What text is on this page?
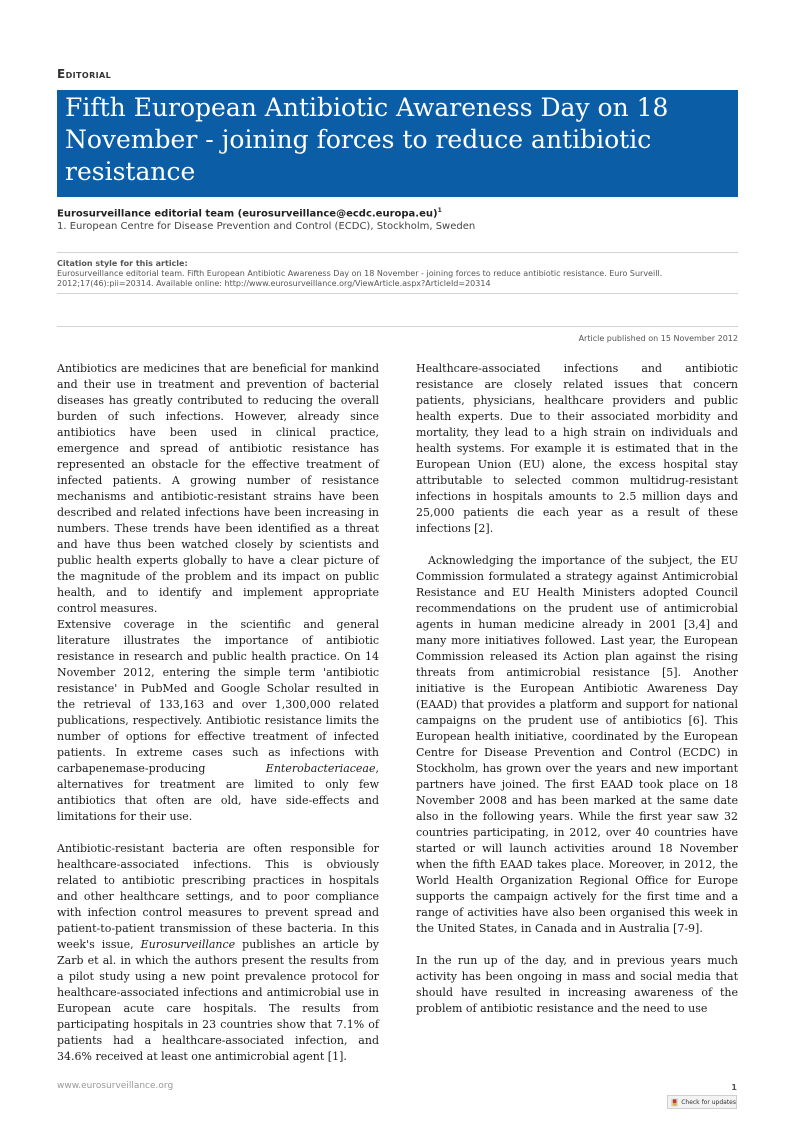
Editorial
Fifth European Antibiotic Awareness Day on 18 November - joining forces to reduce antibiotic resistance
Eurosurveillance editorial team (eurosurveillance@ecdc.europa.eu)$^1$
1. European Centre for Disease Prevention and Control (ECDC), Stockholm, Sweden
Citation style for this article:
Eurosurveillance editorial team. Fifth European Antibiotic Awareness Day on 18 November - joining forces to reduce antibiotic resistance. Euro Surveill. 2012;17(46):pii=20314. Available online: http://www.eurosurveillance.org/ViewArticle.aspx?ArticleId=20314
Article published on 15 November 2012

Antibiotics are medicines that are beneficial for mankind and their use in treatment and prevention of bacterial diseases has greatly contributed to reducing the overall burden of such infections. However, already since antibiotics have been used in clinical practice, emergence and spread of antibiotic resistance has represented an obstacle for the effective treatment of infected patients. A growing number of resistance mechanisms and antibiotic-resistant strains have been described and related infections have been increasing in numbers. These trends have been identified as a threat and have thus been watched closely by scientists and public health experts globally to have a clear picture of the magnitude of the problem and its impact on public health, and to identify and implement appropriate control measures.

Extensive coverage in the scientific and general literature illustrates the importance of antibiotic resistance in research and public health practice. On 14 November 2012, entering the simple term 'antibiotic resistance' in PubMed and Google Scholar resulted in the retrieval of 133,163 and over 1,300,000 related publications, respectively. Antibiotic resistance limits the number of options for effective treatment of infected patients. In extreme cases such as infections with carbapenemase-producing Enterobacteriaceae, alternatives for treatment are limited to only few antibiotics that often are old, have side-effects and limitations for their use.

Antibiotic-resistant bacteria are often responsible for healthcare-associated infections. This is obviously related to antibiotic prescribing practices in hospitals and other healthcare settings, and to poor compliance with infection control measures to prevent spread and patient-to-patient transmission of these bacteria. In this week's issue, Eurosurveillance publishes an article by Zarb et al. in which the authors present the results from a pilot study using a new point prevalence protocol for healthcare-associated infections and antimicrobial use in European acute care hospitals. The results from participating hospitals in 23 countries show that 7.1% of patients had a healthcare-associated infection, and 34.6% received at least one antimicrobial agent [1].

Healthcare-associated infections and antibiotic resistance are closely related issues that concern patients, physicians, healthcare providers and public health experts. Due to their associated morbidity and mortality, they lead to a high strain on individuals and health systems. For example it is estimated that in the European Union (EU) alone, the excess hospital stay attributable to selected common multidrug-resistant infections in hospitals amounts to 2.5 million days and 25,000 patients die each year as a result of these infections [2].

Acknowledging the importance of the subject, the EU Commission formulated a strategy against Antimicrobial Resistance and EU Health Ministers adopted Council recommendations on the prudent use of antimicrobial agents in human medicine already in 2001 [3,4] and many more initiatives followed. Last year, the European Commission released its Action plan against the rising threats from antimicrobial resistance [5]. Another initiative is the European Antibiotic Awareness Day (EAAD) that provides a platform and support for national campaigns on the prudent use of antibiotics [6]. This European health initiative, coordinated by the European Centre for Disease Prevention and Control (ECDC) in Stockholm, has grown over the years and new important partners have joined. The first EAAD took place on 18 November 2008 and has been marked at the same date also in the following years. While the first year saw 32 countries participating, in 2012, over 40 countries have started or will launch activities around 18 November when the fifth EAAD takes place. Moreover, in 2012, the World Health Organization Regional Office for Europe supports the campaign actively for the first time and a range of activities have also been organised this week in the United States, in Canada and in Australia [7-9].

In the run up of the day, and in previous years much activity has been ongoing in mass and social media that should have resulted in increasing awareness of the problem of antibiotic resistance and the need to use

www.eurosurveillance.org	1
Check for updates
